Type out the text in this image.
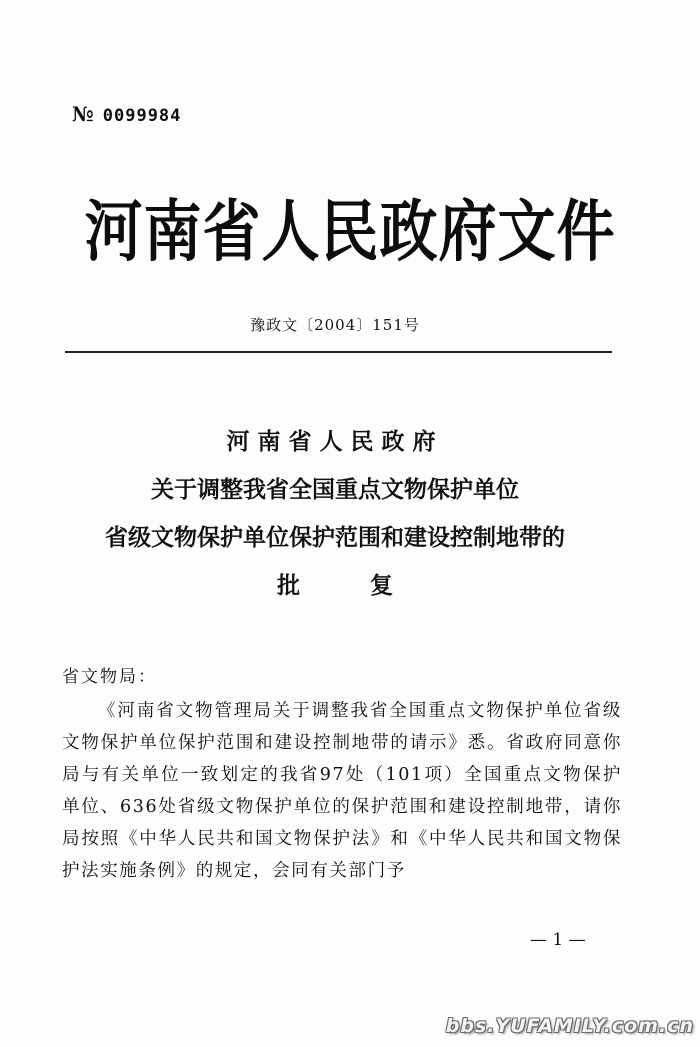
№ 0099984
河南省人民政府文件
豫政文〔2004〕151号
河南省人民政府
关于调整我省全国重点文物保护单位
省级文物保护单位保护范围和建设控制地带的
批复
省文物局：
《河南省文物管理局关于调整我省全国重点文物保护单位省级文物保护单位保护范围和建设控制地带的请示》悉。省政府同意你局与有关单位一致划定的我省97处（101项）全国重点文物保护单位、636处省级文物保护单位的保护范围和建设控制地带，请你局按照《中华人民共和国文物保护法》和《中华人民共和国文物保护法实施条例》的规定，会同有关部门予
— 1 —
bbs.YUFAMILY.com.cn
